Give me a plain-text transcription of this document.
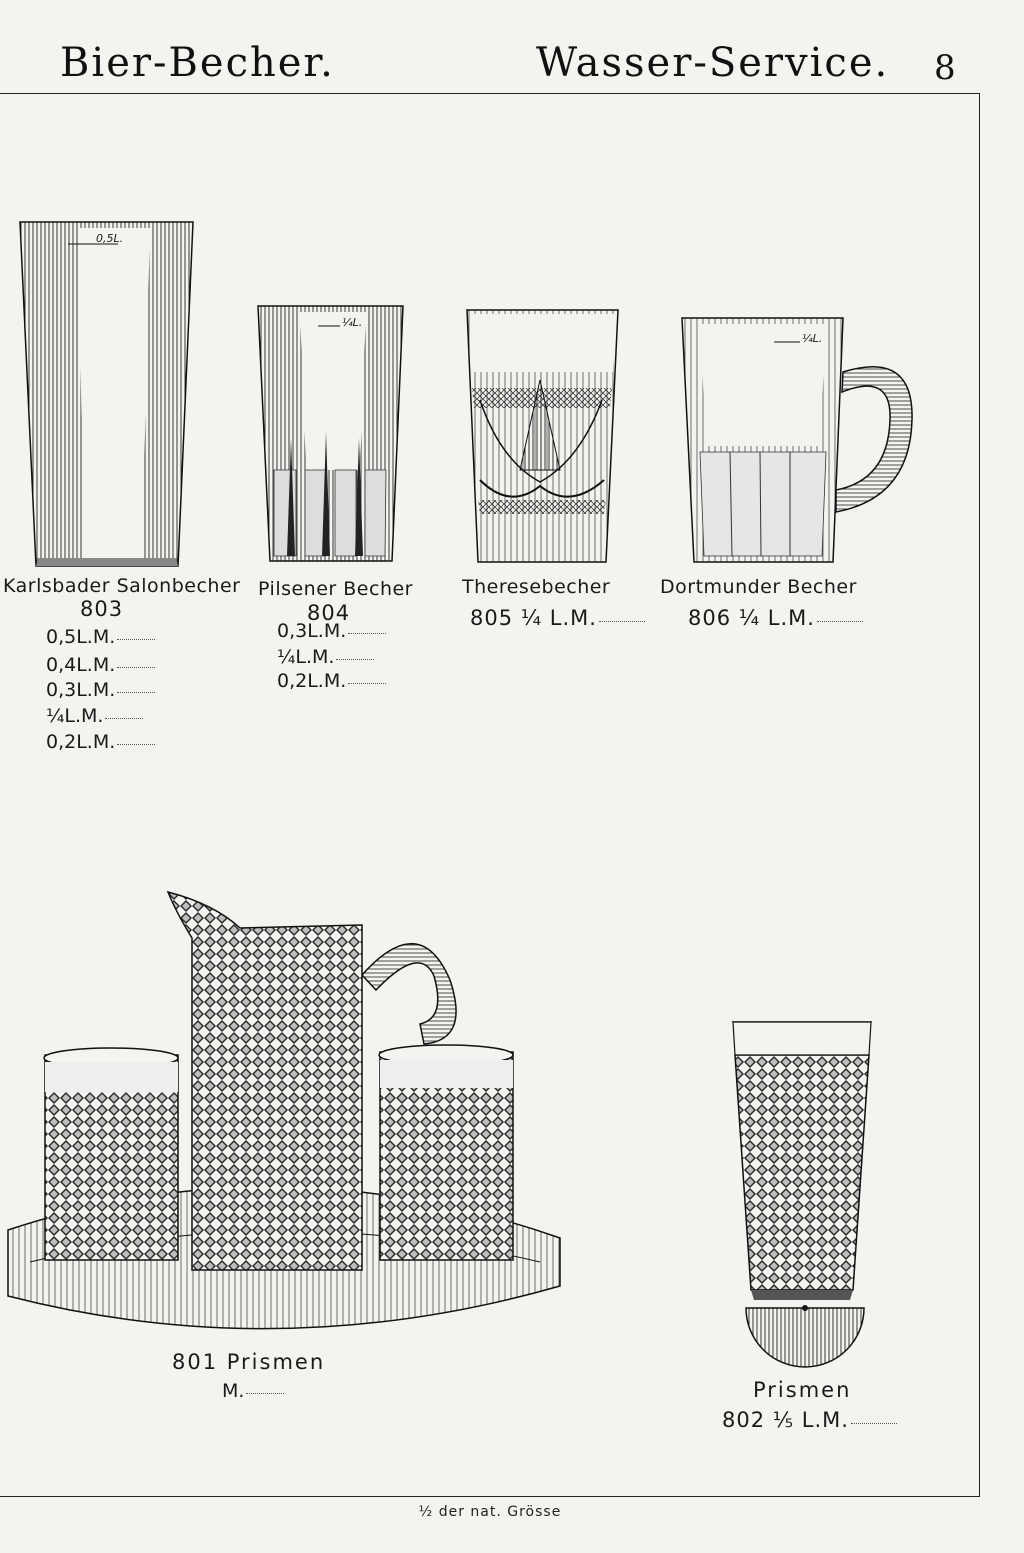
Bier-Becher.	Wasser-Service. 8
Karlsbader Salonbecher
803
0,5L.M.
0,4L.M.
0,3L.M.
¼L.M.
0,2L.M.
0,5L.
Pilsener Becher
804
0,3L.M.
¼L.M.
0,2L.M.
¼L.
Theresebecher
805 ¼ L.M.
Dortmunder Becher
806 ¼ L.M.
¼L.
801 Prismen
M.	Prismen
802 ⅕ L.M.
½ der nat. Grösse
